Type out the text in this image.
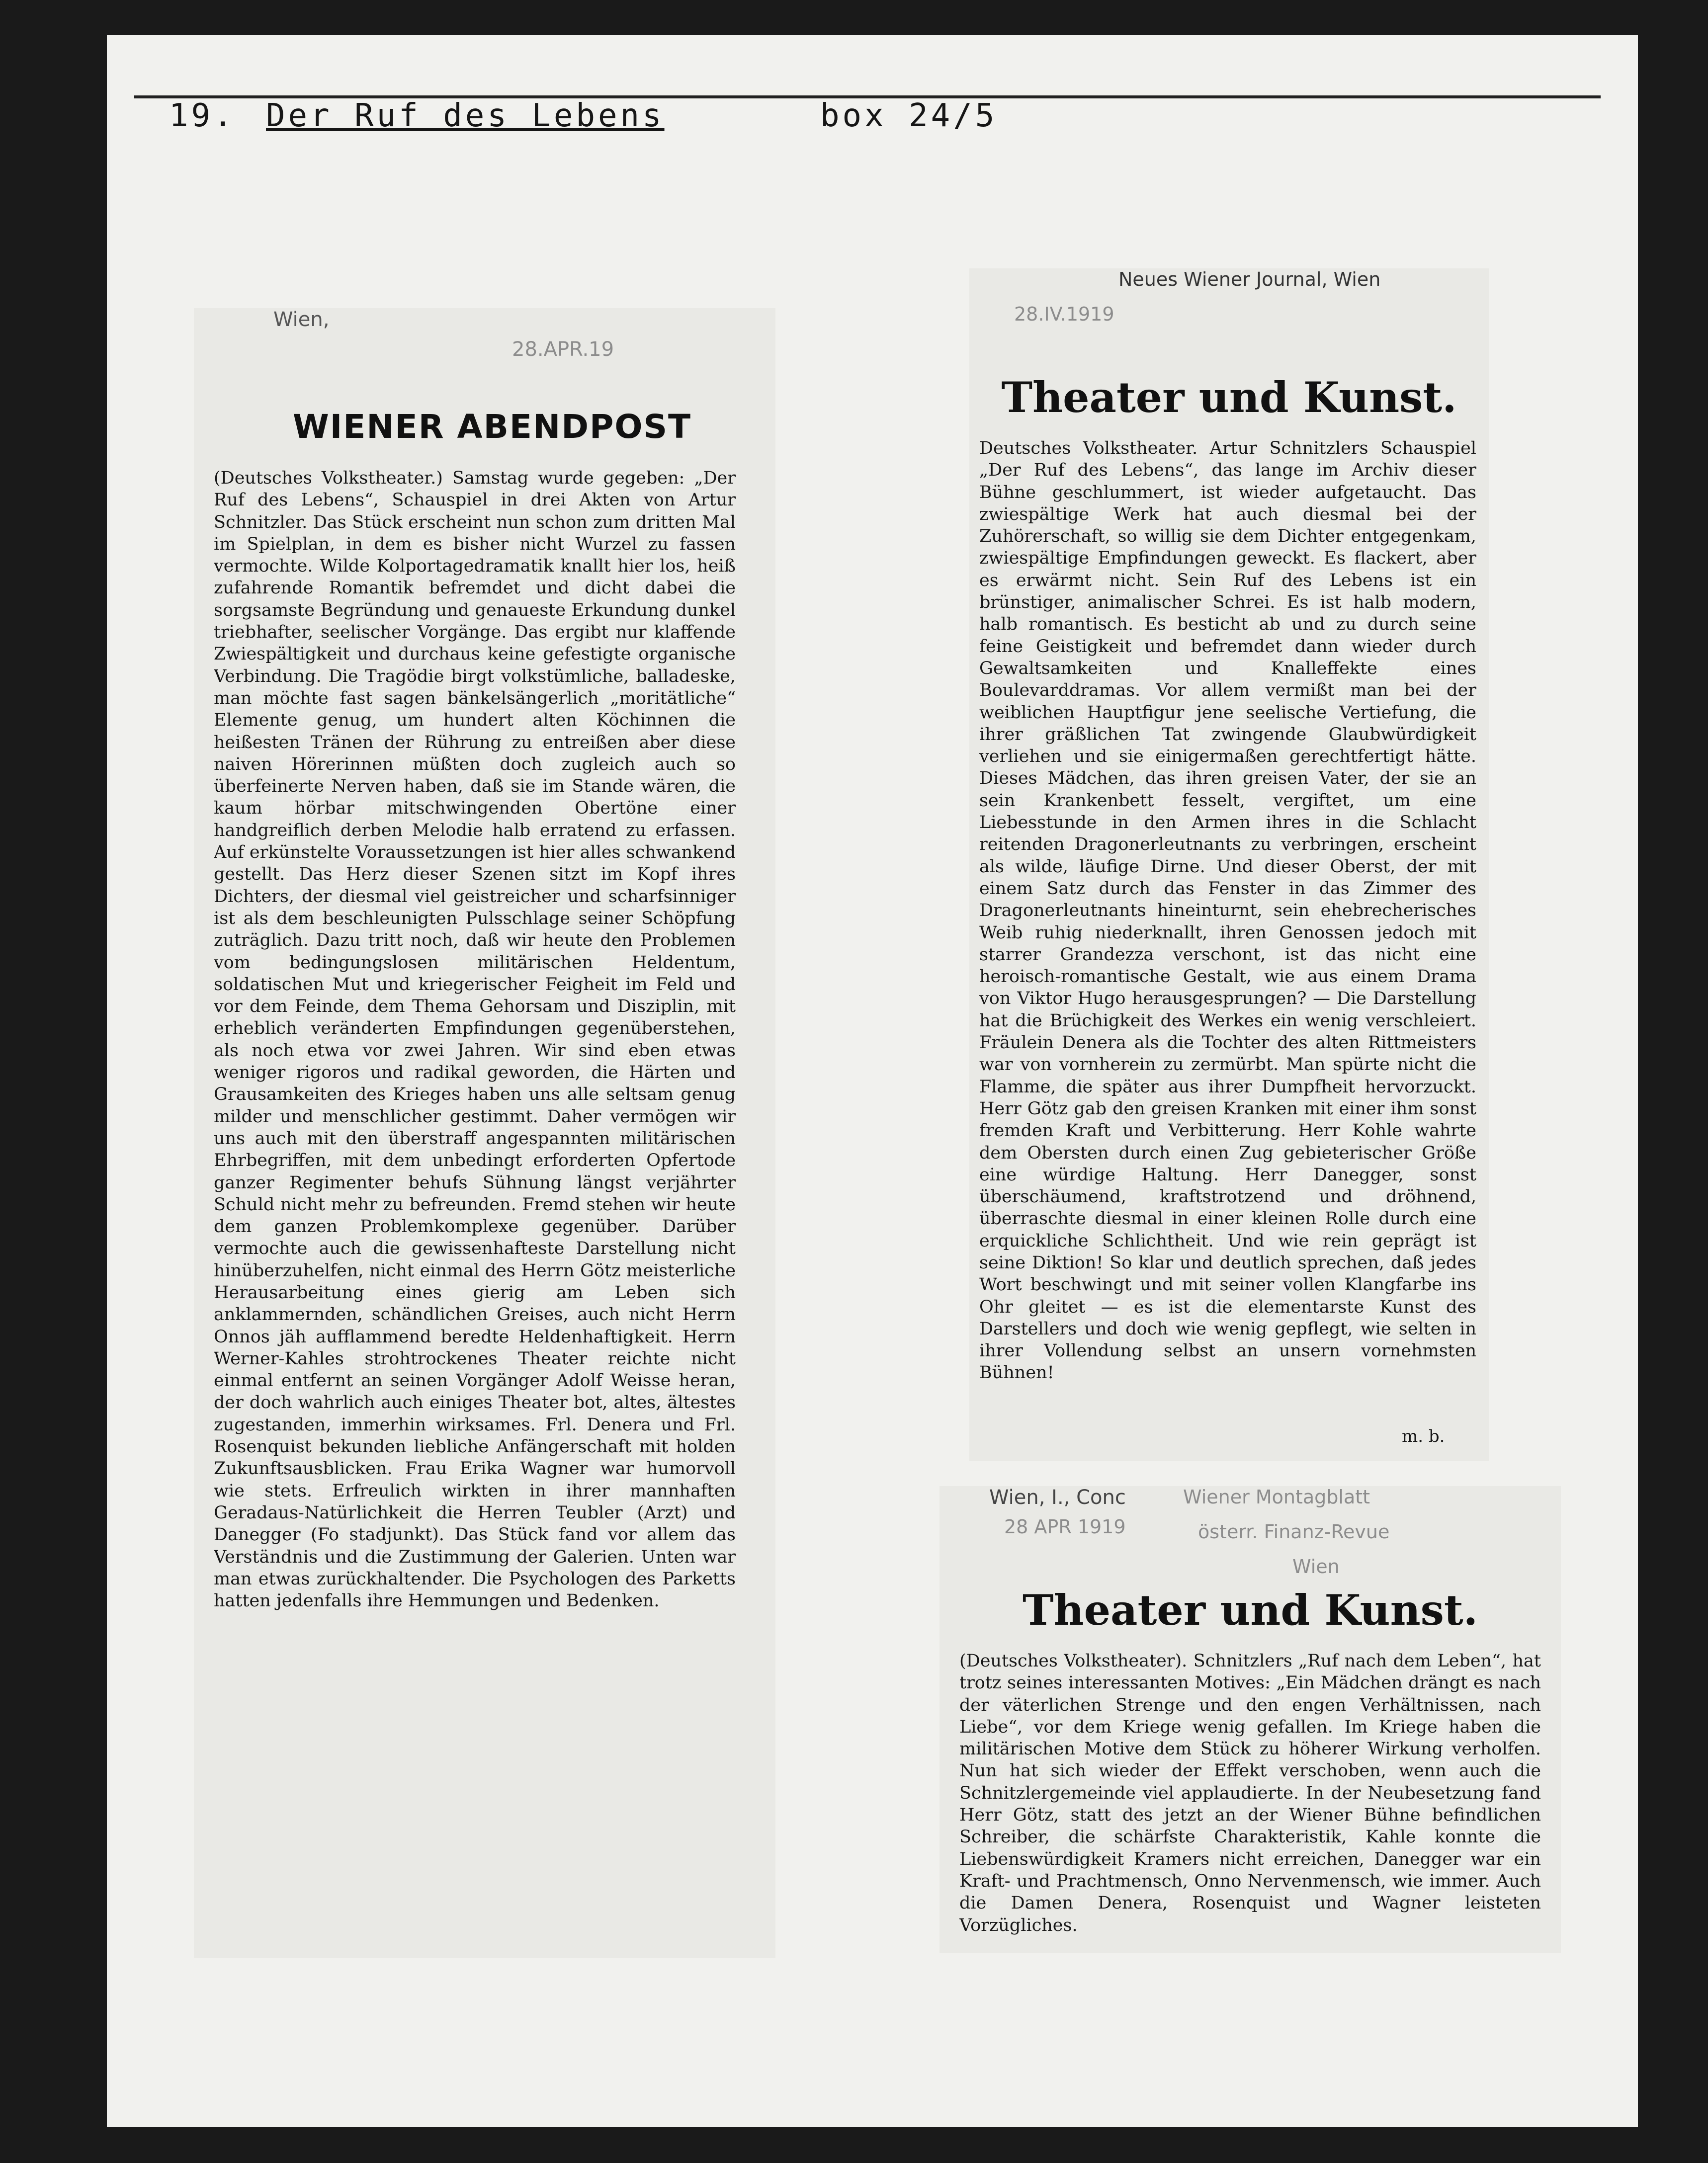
19. Der Ruf des Lebens	box 24/5
Wien,
28.APR.19
WIENER ABENDPOST
(Deutsches Volkstheater.) Samstag wurde gegeben: „Der Ruf des Lebens“, Schauspiel in drei Akten von Artur Schnitzler. Das Stück erscheint nun schon zum dritten Mal im Spielplan, in dem es bisher nicht Wurzel zu fassen vermochte. Wilde Kolportagedramatik knallt hier los, heiß zufahrende Romantik befremdet und dicht dabei die sorgsamste Begründung und genaueste Erkundung dunkel triebhafter, seelischer Vorgänge. Das ergibt nur klaffende Zwiespältigkeit und durchaus keine gefestigte organische Verbindung. Die Tragödie birgt volkstümliche, balladeske, man möchte fast sagen bänkelsängerlich „moritätliche“ Elemente genug, um hundert alten Köchinnen die heißesten Tränen der Rührung zu entreißen aber diese naiven Hörerinnen müßten doch zugleich auch so überfeinerte Nerven haben, daß sie im Stande wären, die kaum hörbar mitschwingenden Obertöne einer handgreiflich derben Melodie halb erratend zu erfassen. Auf erkünstelte Voraussetzungen ist hier alles schwankend gestellt. Das Herz dieser Szenen sitzt im Kopf ihres Dichters, der diesmal viel geistreicher und scharfsinniger ist als dem beschleunigten Pulsschlage seiner Schöpfung zuträglich. Dazu tritt noch, daß wir heute den Problemen vom bedingungslosen militärischen Heldentum, soldatischen Mut und kriegerischer Feigheit im Feld und vor dem Feinde, dem Thema Gehorsam und Disziplin, mit erheblich veränderten Empfindungen gegenüberstehen, als noch etwa vor zwei Jahren. Wir sind eben etwas weniger rigoros und radikal geworden, die Härten und Grausamkeiten des Krieges haben uns alle seltsam genug milder und menschlicher gestimmt. Daher vermögen wir uns auch mit den überstraff angespannten militärischen Ehrbegriffen, mit dem unbedingt erforderten Opfertode ganzer Regimenter behufs Sühnung längst verjährter Schuld nicht mehr zu befreunden. Fremd stehen wir heute dem ganzen Problemkomplexe gegenüber. Darüber vermochte auch die gewissenhafteste Darstellung nicht hinüberzuhelfen, nicht einmal des Herrn Götz meisterliche Herausarbeitung eines gierig am Leben sich anklammernden, schändlichen Greises, auch nicht Herrn Onnos jäh aufflammend beredte Heldenhaftigkeit. Herrn Werner-Kahles strohtrockenes Theater reichte nicht einmal entfernt an seinen Vorgänger Adolf Weisse heran, der doch wahrlich auch einiges Theater bot, altes, ältestes zugestanden, immerhin wirksames. Frl. Denera und Frl. Rosenquist bekunden liebliche Anfängerschaft mit holden Zukunftsausblicken. Frau Erika Wagner war humorvoll wie stets. Erfreulich wirkten in ihrer mannhaften Geradaus-Natürlichkeit die Herren Teubler (Arzt) und Danegger (Fo stadjunkt). Das Stück fand vor allem das Verständnis und die Zustimmung der Galerien. Unten war man etwas zurückhaltender. Die Psychologen des Parketts hatten jedenfalls ihre Hemmungen und Bedenken.
Neues Wiener Journal, Wien
28.IV.1919
Theater und Kunst.
Deutsches Volkstheater. Artur Schnitzlers Schauspiel „Der Ruf des Lebens“, das lange im Archiv dieser Bühne geschlummert, ist wieder aufgetaucht. Das zwiespältige Werk hat auch diesmal bei der Zuhörerschaft, so willig sie dem Dichter entgegenkam, zwiespältige Empfindungen geweckt. Es flackert, aber es erwärmt nicht. Sein Ruf des Lebens ist ein brünstiger, animalischer Schrei. Es ist halb modern, halb romantisch. Es besticht ab und zu durch seine feine Geistigkeit und befremdet dann wieder durch Gewaltsamkeiten und Knalleffekte eines Boulevarddramas. Vor allem vermißt man bei der weiblichen Hauptfigur jene seelische Vertiefung, die ihrer gräßlichen Tat zwingende Glaubwürdigkeit verliehen und sie einigermaßen gerechtfertigt hätte. Dieses Mädchen, das ihren greisen Vater, der sie an sein Krankenbett fesselt, vergiftet, um eine Liebesstunde in den Armen ihres in die Schlacht reitenden Dragonerleutnants zu verbringen, erscheint als wilde, läufige Dirne. Und dieser Oberst, der mit einem Satz durch das Fenster in das Zimmer des Dragonerleutnants hineinturnt, sein ehebrecherisches Weib ruhig niederknallt, ihren Genossen jedoch mit starrer Grandezza verschont, ist das nicht eine heroisch-romantische Gestalt, wie aus einem Drama von Viktor Hugo herausgesprungen? — Die Darstellung hat die Brüchigkeit des Werkes ein wenig verschleiert. Fräulein Denera als die Tochter des alten Rittmeisters war von vornherein zu zermürbt. Man spürte nicht die Flamme, die später aus ihrer Dumpfheit hervorzuckt. Herr Götz gab den greisen Kranken mit einer ihm sonst fremden Kraft und Verbitterung. Herr Kohle wahrte dem Obersten durch einen Zug gebieterischer Größe eine würdige Haltung. Herr Danegger, sonst überschäumend, kraftstrotzend und dröhnend, überraschte diesmal in einer kleinen Rolle durch eine erquickliche Schlichtheit. Und wie rein geprägt ist seine Diktion! So klar und deutlich sprechen, daß jedes Wort beschwingt und mit seiner vollen Klangfarbe ins Ohr gleitet — es ist die elementarste Kunst des Darstellers und doch wie wenig gepflegt, wie selten in ihrer Vollendung selbst an unsern vornehmsten Bühnen!
m. b.
Wien, I., Conc	Wiener Montagblatt
28 APR 1919	österr. Finanz-Revue
Wien
Theater und Kunst.
(Deutsches Volkstheater). Schnitzlers „Ruf nach dem Leben“, hat trotz seines interessanten Motives: „Ein Mädchen drängt es nach der väterlichen Strenge und den engen Verhältnissen, nach Liebe“, vor dem Kriege wenig gefallen. Im Kriege haben die militärischen Motive dem Stück zu höherer Wirkung verholfen. Nun hat sich wieder der Effekt verschoben, wenn auch die Schnitzlergemeinde viel applaudierte. In der Neubesetzung fand Herr Götz, statt des jetzt an der Wiener Bühne befindlichen Schreiber, die schärfste Charakteristik, Kahle konnte die Liebenswürdigkeit Kramers nicht erreichen, Danegger war ein Kraft- und Prachtmensch, Onno Nervenmensch, wie immer. Auch die Damen Denera, Rosenquist und Wagner leisteten Vorzügliches.
